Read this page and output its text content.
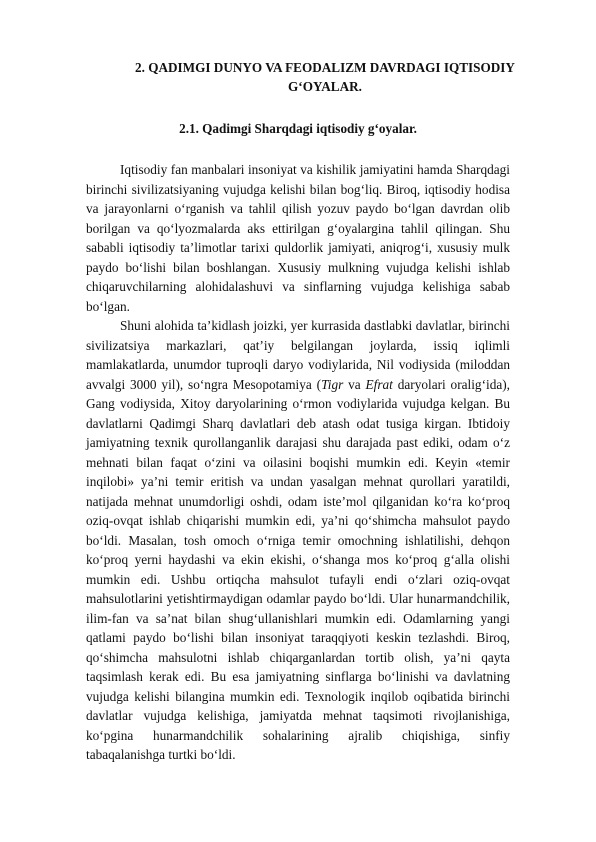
2. QADIMGI DUNYO VA FEODALIZM DAVRDAGI IQTISODIY G‘OYALAR.
2.1. Qadimgi Sharqdagi iqtisodiy g‘oyalar.

Iqtisodiy fan manbalari insoniyat va kishilik jamiyatini hamda Sharqdagi birinchi sivilizatsiyaning vujudga kelishi bilan bog‘liq. Biroq, iqtisodiy hodisa va jarayonlarni o‘rganish va tahlil qilish yozuv paydo bo‘lgan davrdan olib borilgan va qo‘lyozmalarda aks ettirilgan g‘oyalargina tahlil qilingan. Shu sababli iqtisodiy ta’limotlar tarixi quldorlik jamiyati, aniqrog‘i, xususiy mulk paydo bo‘lishi bilan boshlangan. Xususiy mulkning vujudga kelishi ishlab chiqaruvchilarning alohidalashuvi va sinflarning vujudga kelishiga sabab bo‘lgan.

Shuni alohida ta’kidlash joizki, yer kurrasida dastlabki davlatlar, birinchi sivilizatsiya markazlari, qat’iy belgilangan joylarda, issiq iqlimli mamlakatlarda, unumdor tuproqli daryo vodiylarida, Nil vodiysida (miloddan avvalgi 3000 yil), so‘ngra Mesopotamiya (Tigr va Efrat daryolari oralig‘ida), Gang vodiysida, Xitoy daryolarining o‘rmon vodiylarida vujudga kelgan. Bu davlatlarni Qadimgi Sharq davlatlari deb atash odat tusiga kirgan. Ibtidoiy jamiyatning texnik qurollanganlik darajasi shu darajada past ediki, odam o‘z mehnati bilan faqat o‘zini va oilasini boqishi mumkin edi. Keyin «temir inqilobi» ya’ni temir eritish va undan yasalgan mehnat qurollari yaratildi, natijada mehnat unumdorligi oshdi, odam iste’mol qilganidan ko‘ra ko‘proq oziq-ovqat ishlab chiqarishi mumkin edi, ya’ni qo‘shimcha mahsulot paydo bo‘ldi. Masalan, tosh omoch o‘rniga temir omochning ishlatilishi, dehqon ko‘proq yerni haydashi va ekin ekishi, o‘shanga mos ko‘proq g‘alla olishi mumkin edi. Ushbu ortiqcha mahsulot tufayli endi o‘zlari oziq-ovqat mahsulotlarini yetishtirmaydigan odamlar paydo bo‘ldi. Ular hunarmandchilik, ilim-fan va sa’nat bilan shug‘ullanishlari mumkin edi. Odamlarning yangi qatlami paydo bo‘lishi bilan insoniyat taraqqiyoti keskin tezlashdi. Biroq, qo‘shimcha mahsulotni ishlab chiqarganlardan tortib olish, ya’ni qayta taqsimlash kerak edi. Bu esa jamiyatning sinflarga bo‘linishi va davlatning vujudga kelishi bilangina mumkin edi. Texnologik inqilob oqibatida birinchi davlatlar vujudga kelishiga, jamiyatda mehnat taqsimoti rivojlanishiga, ko‘pgina hunarmandchilik sohalarining ajralib chiqishiga, sinfiy tabaqalanishga turtki bo‘ldi.
